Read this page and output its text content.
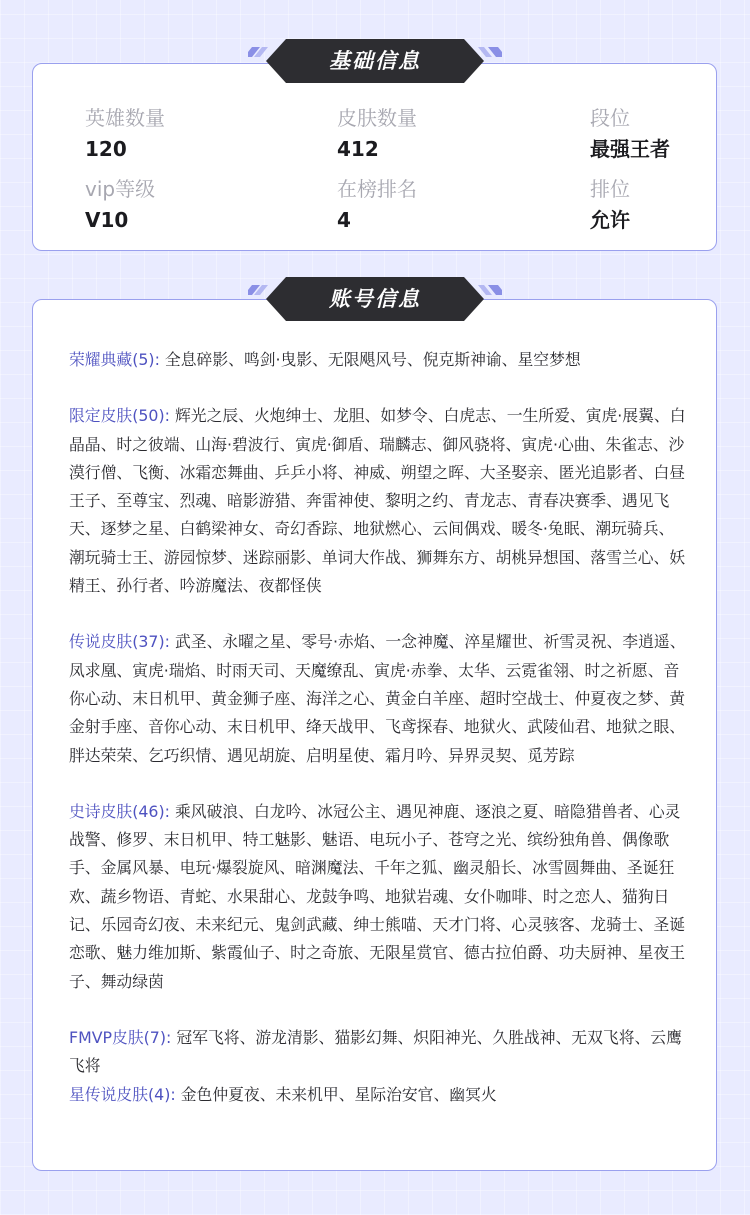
英雄数量
120
皮肤数量
412
段位
最强王者
vip等级
V10
在榜排名
4
排位
允许
荣耀典藏(5): 全息碎影、鸣剑·曳影、无限飓风号、倪克斯神谕、星空梦想
限定皮肤(50): 辉光之辰、火炮绅士、龙胆、如梦令、白虎志、一生所爱、寅虎·展翼、白晶晶、时之彼端、山海·碧波行、寅虎·御盾、瑞麟志、御风骁将、寅虎·心曲、朱雀志、沙漠行僧、飞衡、冰霜恋舞曲、乒乒小将、神威、朔望之晖、大圣娶亲、匿光追影者、白昼王子、至尊宝、烈魂、暗影游猎、奔雷神使、黎明之约、青龙志、青春决赛季、遇见飞天、逐梦之星、白鹤梁神女、奇幻香踪、地狱燃心、云间偶戏、暖冬·兔眠、潮玩骑兵、潮玩骑士王、游园惊梦、迷踪丽影、单词大作战、狮舞东方、胡桃异想国、落雪兰心、妖精王、孙行者、吟游魔法、夜都怪侠
传说皮肤(37): 武圣、永曜之星、零号·赤焰、一念神魔、淬星耀世、祈雪灵祝、李逍遥、凤求凰、寅虎·瑞焰、时雨天司、天魔缭乱、寅虎·赤拳、太华、云霓雀翎、时之祈愿、音你心动、末日机甲、黄金狮子座、海洋之心、黄金白羊座、超时空战士、仲夏夜之梦、黄金射手座、音你心动、末日机甲、绛天战甲、飞鸢探春、地狱火、武陵仙君、地狱之眼、胖达荣荣、乞巧织情、遇见胡旋、启明星使、霜月吟、异界灵契、觅芳踪
史诗皮肤(46): 乘风破浪、白龙吟、冰冠公主、遇见神鹿、逐浪之夏、暗隐猎兽者、心灵战警、修罗、末日机甲、特工魅影、魅语、电玩小子、苍穹之光、缤纷独角兽、偶像歌手、金属风暴、电玩·爆裂旋风、暗渊魔法、千年之狐、幽灵船长、冰雪圆舞曲、圣诞狂欢、蔬乡物语、青蛇、水果甜心、龙鼓争鸣、地狱岩魂、女仆咖啡、时之恋人、猫狗日记、乐园奇幻夜、未来纪元、鬼剑武藏、绅士熊喵、天才门将、心灵骇客、龙骑士、圣诞恋歌、魅力维加斯、紫霞仙子、时之奇旅、无限星赏官、德古拉伯爵、功夫厨神、星夜王子、舞动绿茵
FMVP皮肤(7): 冠军飞将、游龙清影、猫影幻舞、炽阳神光、久胜战神、无双飞将、云鹰飞将
星传说皮肤(4): 金色仲夏夜、未来机甲、星际治安官、幽冥火
基础信息
账号信息
